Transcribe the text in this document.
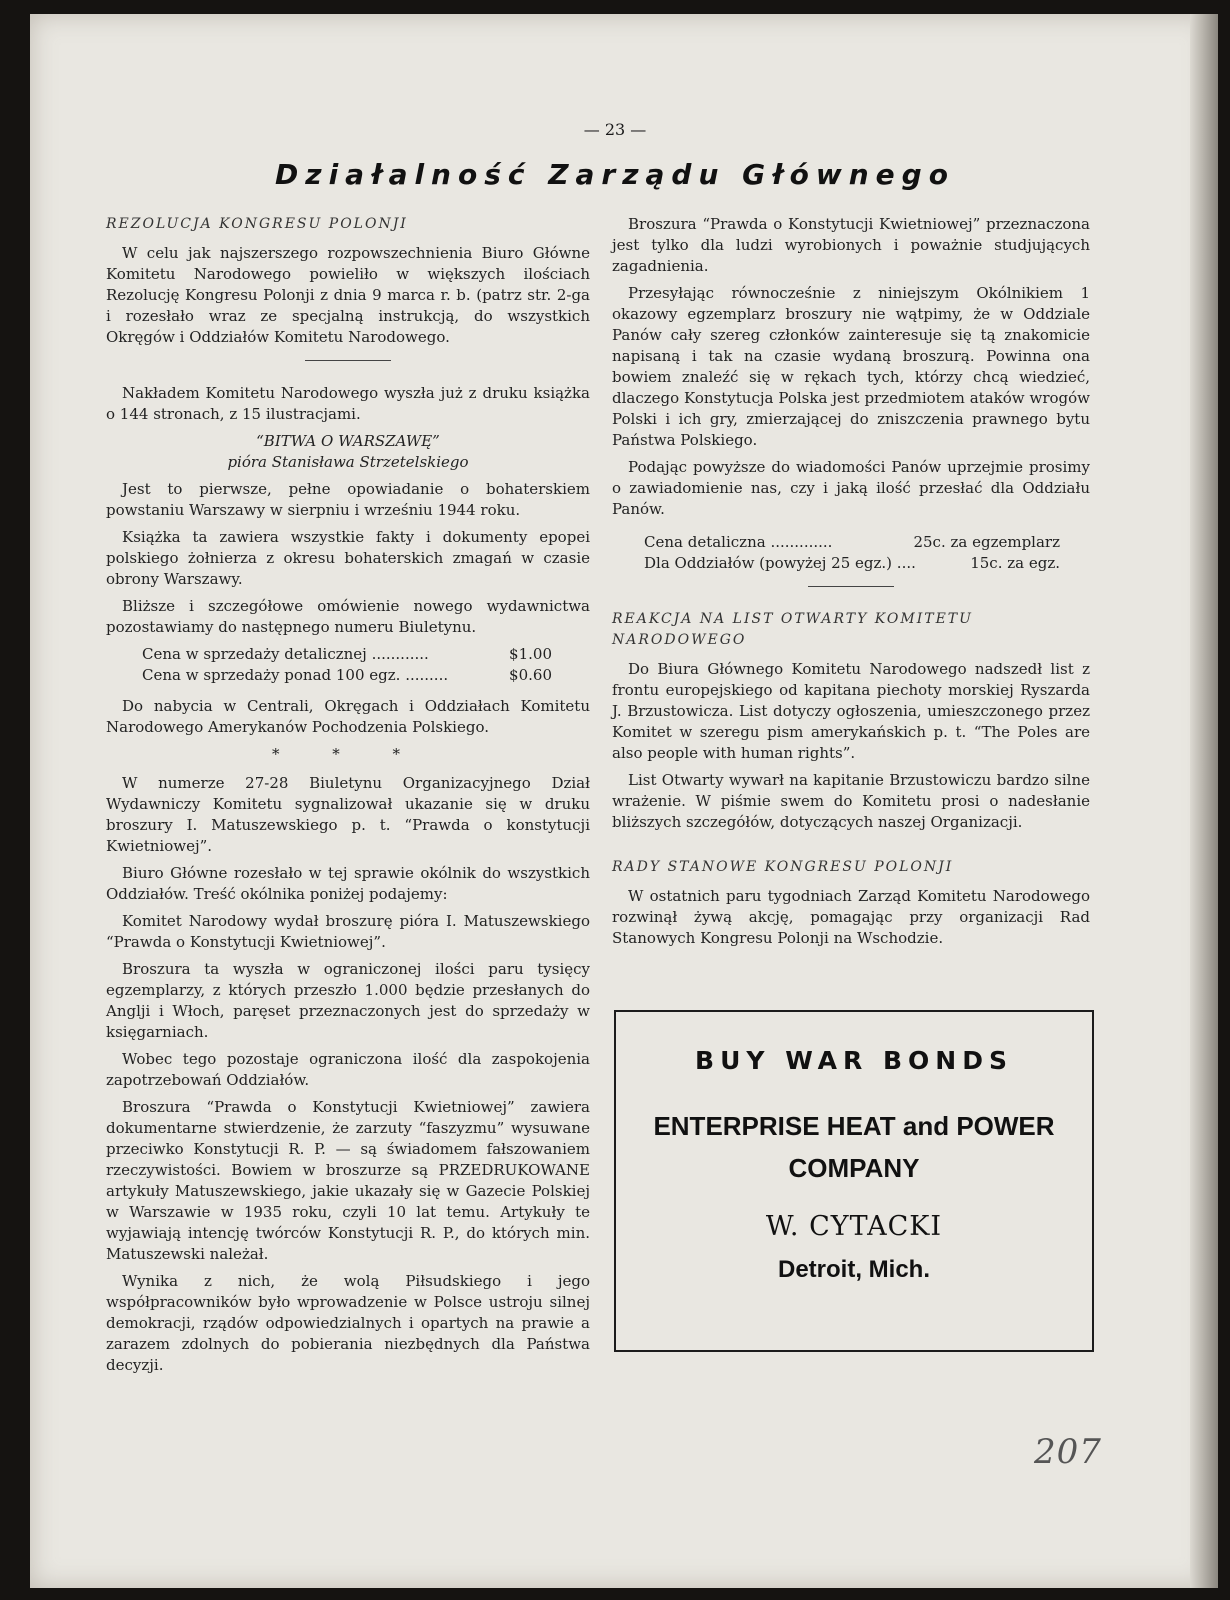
— 23 —
Działalność Zarządu Głównego
REZOLUCJA KONGRESU POLONJI

W celu jak najszerszego rozpowszechnienia Biuro Główne Komitetu Narodowego powieliło w większych ilościach Rezolucję Kongresu Polonji z dnia 9 marca r. b. (patrz str. 2-ga i rozesłało wraz ze specjalną instrukcją, do wszystkich Okręgów i Oddziałów Komitetu Narodowego.

Nakładem Komitetu Narodowego wyszła już z druku książka o 144 stronach, z 15 ilustracjami.

“BITWA O WARSZAWĘ”

pióra Stanisława Strzetelskiego

Jest to pierwsze, pełne opowiadanie o bohaterskiem powstaniu Warszawy w sierpniu i wrześniu 1944 roku.

Książka ta zawiera wszystkie fakty i dokumenty epopei polskiego żołnierza z okresu bohaterskich zmagań w czasie obrony Warszawy.

Bliższe i szczegółowe omówienie nowego wydawnictwa pozostawiamy do następnego numeru Biuletynu.

Cena w sprzedaży detalicznej ............	$1.00
Cena w sprzedaży ponad 100 egz. .........	$0.60

Do nabycia w Centrali, Okręgach i Oddziałach Komitetu Narodowego Amerykanów Pochodzenia Polskiego.

* * *

W numerze 27-28 Biuletynu Organizacyjnego Dział Wydawniczy Komitetu sygnalizował ukazanie się w druku broszury I. Matuszewskiego p. t. “Prawda o konstytucji Kwietniowej”.

Biuro Główne rozesłało w tej sprawie okólnik do wszystkich Oddziałów. Treść okólnika poniżej podajemy:

Komitet Narodowy wydał broszurę pióra I. Matuszewskiego “Prawda o Konstytucji Kwietniowej”.

Broszura ta wyszła w ograniczonej ilości paru tysięcy egzemplarzy, z których przeszło 1.000 będzie przesłanych do Anglji i Włoch, paręset przeznaczonych jest do sprzedaży w księgarniach.

Wobec tego pozostaje ograniczona ilość dla zaspokojenia zapotrzebowań Oddziałów.

Broszura “Prawda o Konstytucji Kwietniowej” zawiera dokumentarne stwierdzenie, że zarzuty “faszyzmu” wysuwane przeciwko Konstytucji R. P. — są świadomem fałszowaniem rzeczywistości. Bowiem w broszurze są PRZEDRUKOWANE artykuły Matuszewskiego, jakie ukazały się w Gazecie Polskiej w Warszawie w 1935 roku, czyli 10 lat temu. Artykuły te wyjawiają intencję twórców Konstytucji R. P., do których min. Matuszewski należał.

Wynika z nich, że wolą Piłsudskiego i jego współpracowników było wprowadzenie w Polsce ustroju silnej demokracji, rządów odpowiedzialnych i opartych na prawie a zarazem zdolnych do pobierania niezbędnych dla Państwa decyzji.

Broszura “Prawda o Konstytucji Kwietniowej” przeznaczona jest tylko dla ludzi wyrobionych i poważnie studjujących zagadnienia.

Przesyłając równocześnie z niniejszym Okólnikiem 1 okazowy egzemplarz broszury nie wątpimy, że w Oddziale Panów cały szereg członków zainteresuje się tą znakomicie napisaną i tak na czasie wydaną broszurą. Powinna ona bowiem znaleźć się w rękach tych, którzy chcą wiedzieć, dlaczego Konstytucja Polska jest przedmiotem ataków wrogów Polski i ich gry, zmierzającej do zniszczenia prawnego bytu Państwa Polskiego.

Podając powyższe do wiadomości Panów uprzejmie prosimy o zawiadomienie nas, czy i jaką ilość przesłać dla Oddziału Panów.

Cena detaliczna .............	25c. za egzemplarz
Dla Oddziałów (powyżej 25 egz.) ....	15c. za egz.
REAKCJA NA LIST OTWARTY KOMITETU NARODOWEGO

Do Biura Głównego Komitetu Narodowego nadszedł list z frontu europejskiego od kapitana piechoty morskiej Ryszarda J. Brzustowicza. List dotyczy ogłoszenia, umieszczonego przez Komitet w szeregu pism amerykańskich p. t. “The Poles are also people with human rights”.

List Otwarty wywarł na kapitanie Brzustowiczu bardzo silne wrażenie. W piśmie swem do Komitetu prosi o nadesłanie bliższych szczegółów, dotyczących naszej Organizacji.

RADY STANOWE KONGRESU POLONJI

W ostatnich paru tygodniach Zarząd Komitetu Narodowego rozwinął żywą akcję, pomagając przy organizacji Rad Stanowych Kongresu Polonji na Wschodzie.

BUY WAR BONDS
ENTERPRISE HEAT and POWER COMPANY
W. CYTACKI
Detroit, Mich.
207
